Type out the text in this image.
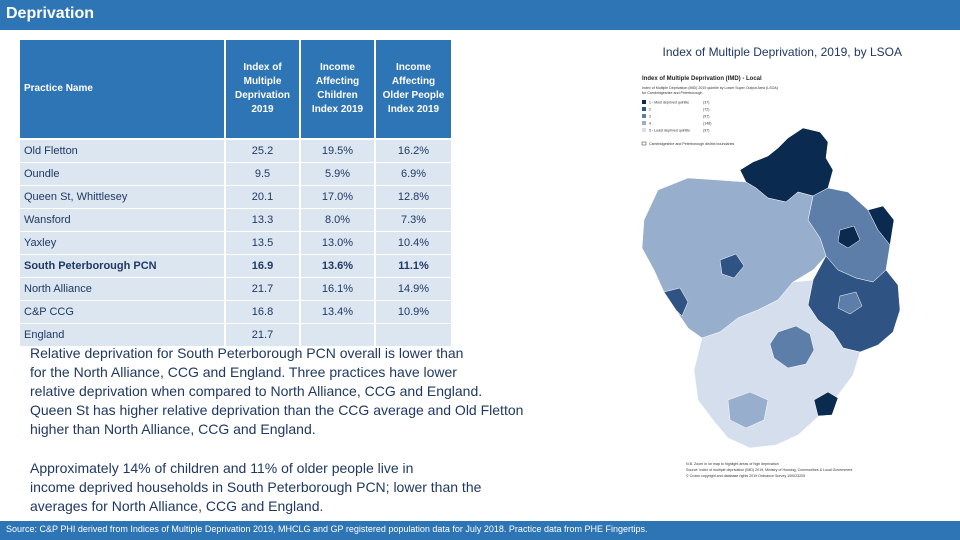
Deprivation
Index of Multiple Deprivation, 2019, by LSOA
Practice Name	Index of Multiple Deprivation 2019	Income Affecting Children Index 2019	Income Affecting Older People Index 2019
Old Fletton	25.2	19.5%	16.2%
Oundle	9.5	5.9%	6.9%
Queen St, Whittlesey	20.1	17.0%	12.8%
Wansford	13.3	8.0%	7.3%
Yaxley	13.5	13.0%	10.4%
South Peterborough PCN	16.9	13.6%	11.1%
North Alliance	21.7	16.1%	14.9%
C&P CCG	16.8	13.4%	10.9%
England	21.7		
Relative deprivation for South Peterborough PCN overall is lower than
for the North Alliance, CCG and England. Three practices have lower
relative deprivation when compared to North Alliance, CCG and England.
Queen St has higher relative deprivation than the CCG average and Old Fletton
higher than North Alliance, CCG and England.
Approximately 14% of children and 11% of older people live in
income deprived households in South Peterborough PCN; lower than the
averages for North Alliance, CCG and England.
Index of Multiple Deprivation (IMD) - Local
Index of Multiple Deprivation (IMD) 2019 quintile by Lower Super Output Area (LSOA)
for Cambridgeshire and Peterborough
1 - Most deprived quintile	(37)
2	(72)
3	(97)
4	(148)
5 - Least deprived quintile	(97)
Cambridgeshire and Peterborough district boundaries
N.B. Zoom in on map to highlight areas of high deprivation
Source: Index of multiple deprivation (IMD) 2019, Ministry of Housing, Communities & Local Government
© Crown copyright and database rights 2019 Ordnance Survey 100023205
Source: C&P PHI derived from Indices of Multiple Deprivation 2019, MHCLG and GP registered population data for July 2018. Practice data from PHE Fingertips.
